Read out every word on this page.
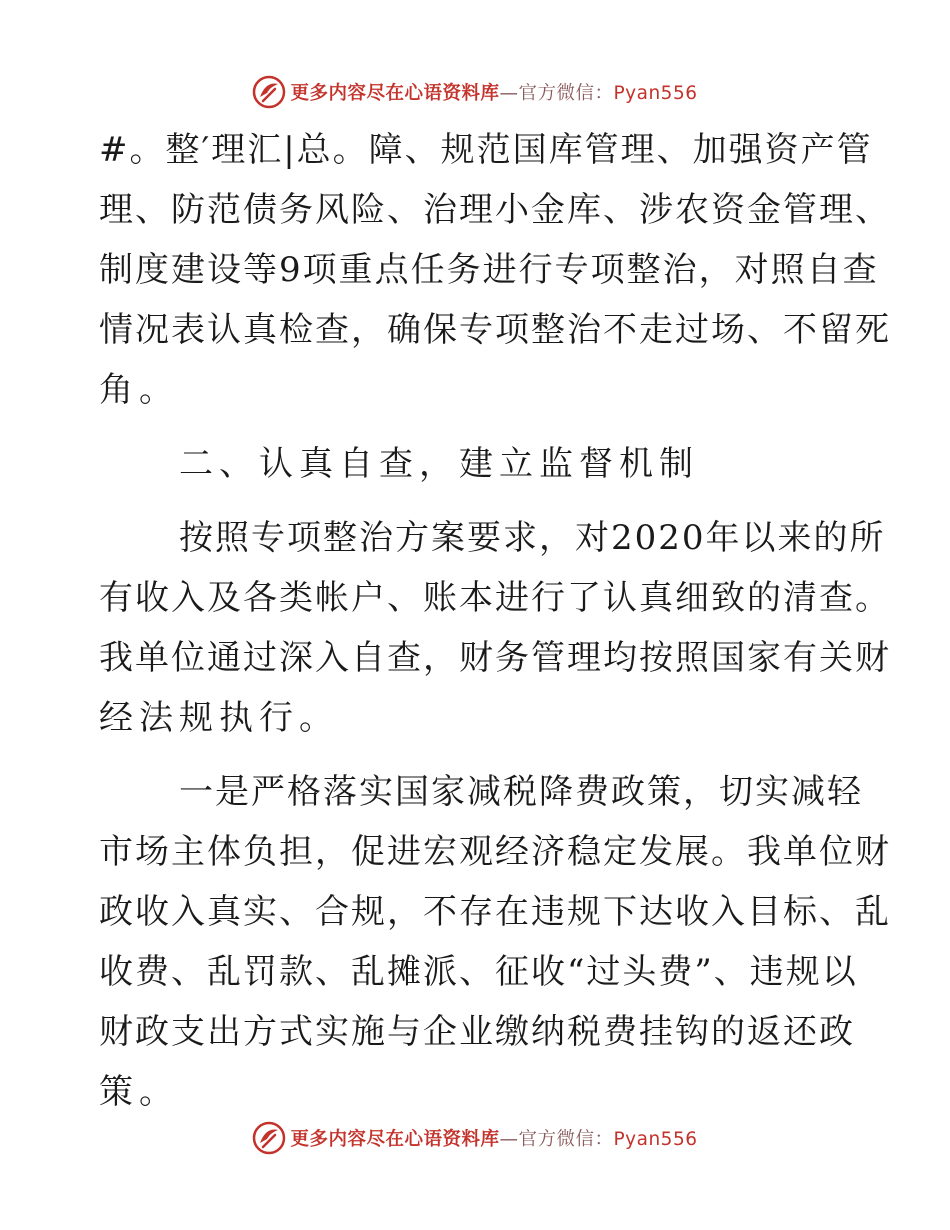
更多内容尽在心语资料库—官方微信：Pyan556
#。整′理汇|总。障、规范国库管理、加强资产管
理、防范债务风险、治理小金库、涉农资金管理、
制度建设等9项重点任务进行专项整治，对照自查
情况表认真检查，确保专项整治不走过场、不留死
角。
二、认真自查，建立监督机制
按照专项整治方案要求，对2020年以来的所
有收入及各类帐户、账本进行了认真细致的清查。
我单位通过深入自查，财务管理均按照国家有关财
经法规执行。
一是严格落实国家减税降费政策，切实减轻
市场主体负担，促进宏观经济稳定发展。我单位财
政收入真实、合规，不存在违规下达收入目标、乱
收费、乱罚款、乱摊派、征收“过头费”、违规以
财政支出方式实施与企业缴纳税费挂钩的返还政
策。
更多内容尽在心语资料库—官方微信：Pyan556
